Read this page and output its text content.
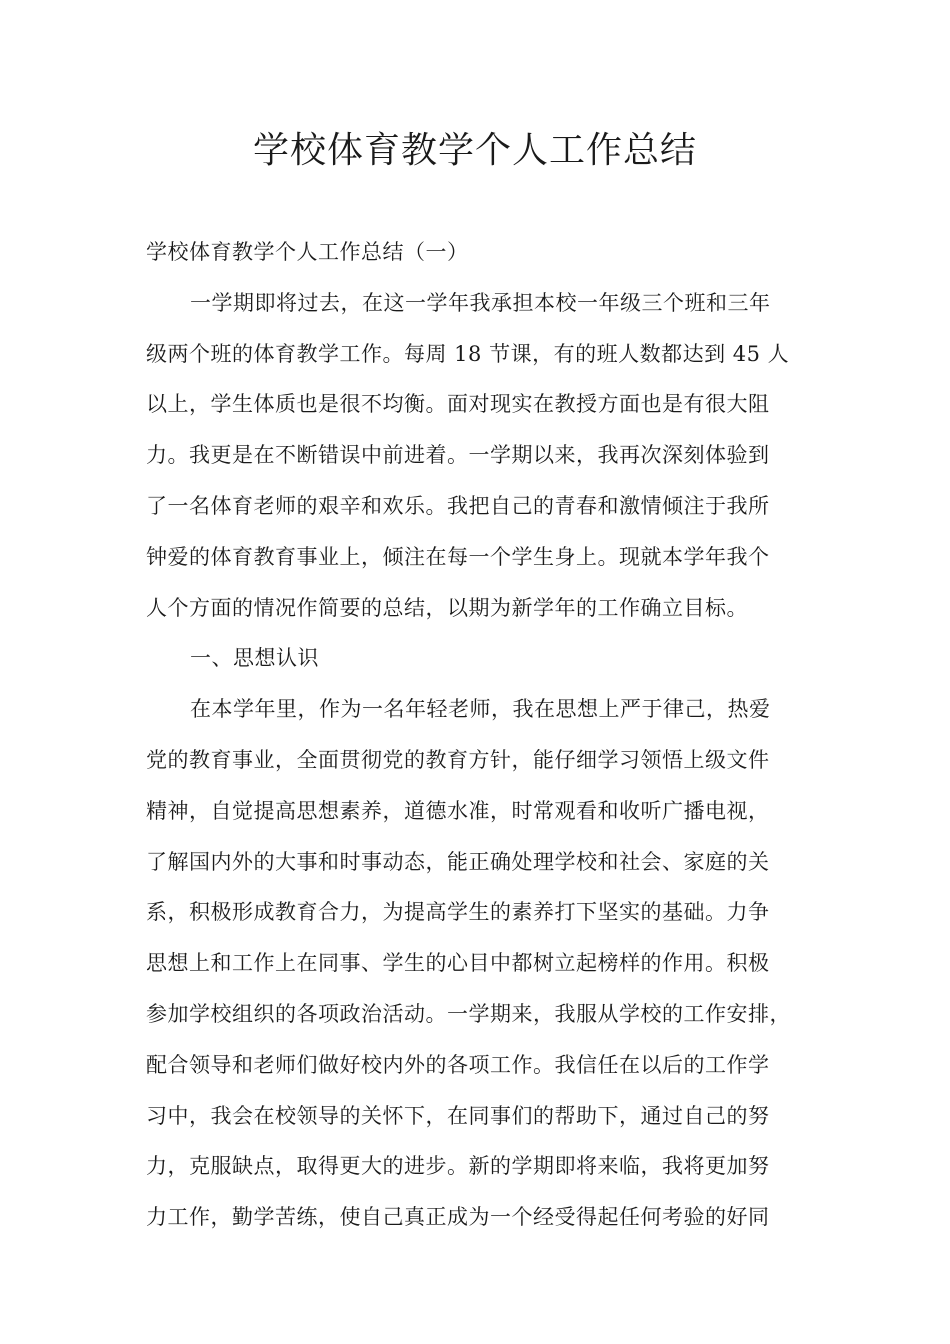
学校体育教学个人工作总结
学校体育教学个人工作总结（一）
一学期即将过去，在这一学年我承担本校一年级三个班和三年
级两个班的体育教学工作。每周 18 节课，有的班人数都达到 45 人
以上，学生体质也是很不均衡。面对现实在教授方面也是有很大阻
力。我更是在不断错误中前进着。一学期以来，我再次深刻体验到
了一名体育老师的艰辛和欢乐。我把自己的青春和激情倾注于我所
钟爱的体育教育事业上，倾注在每一个学生身上。现就本学年我个
人个方面的情况作简要的总结，以期为新学年的工作确立目标。
一、思想认识
在本学年里，作为一名年轻老师，我在思想上严于律己，热爱
党的教育事业，全面贯彻党的教育方针，能仔细学习领悟上级文件
精神，自觉提高思想素养，道德水准，时常观看和收听广播电视，
了解国内外的大事和时事动态，能正确处理学校和社会、家庭的关
系，积极形成教育合力，为提高学生的素养打下坚实的基础。力争
思想上和工作上在同事、学生的心目中都树立起榜样的作用。积极
参加学校组织的各项政治活动。一学期来，我服从学校的工作安排，
配合领导和老师们做好校内外的各项工作。我信任在以后的工作学
习中，我会在校领导的关怀下，在同事们的帮助下，通过自己的努
力，克服缺点，取得更大的进步。新的学期即将来临，我将更加努
力工作，勤学苦练，使自己真正成为一个经受得起任何考验的好同
